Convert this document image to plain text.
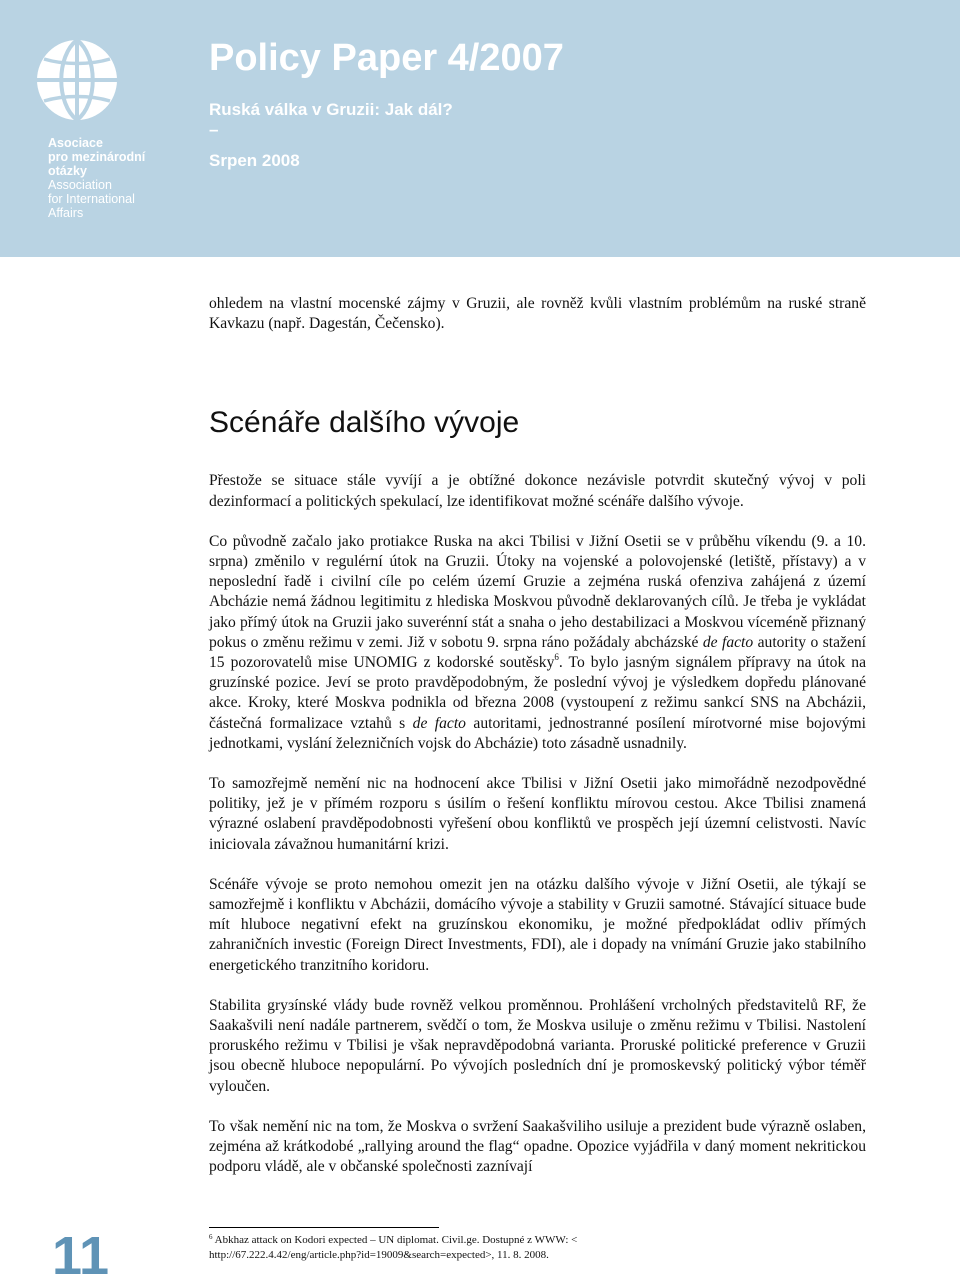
Asociace
pro mezinárodní
otázky
Association
for International
Affairs
Policy Paper 4/2007
Ruská válka v Gruzii: Jak dál?
–
Srpen 2008

ohledem na vlastní mocenské zájmy v Gruzii, ale rovněž kvůli vlastním problémům na ruské straně Kavkazu (např. Dagestán, Čečensko).

Scénáře dalšího vývoje

Přestože se situace stále vyvíjí a je obtížné dokonce nezávisle potvrdit skutečný vývoj v poli dezinformací a politických spekulací, lze identifikovat možné scénáře dalšího vývoje.

Co původně začalo jako protiakce Ruska na akci Tbilisi v Jižní Osetii se v průběhu víkendu (9. a 10. srpna) změnilo v regulérní útok na Gruzii. Útoky na vojenské a polovojenské (letiště, přístavy) a v neposlední řadě i civilní cíle po celém území Gruzie a zejména ruská ofenziva zahájená z území Abcházie nemá žádnou legitimitu z hlediska Moskvou původně deklarovaných cílů. Je třeba je vykládat jako přímý útok na Gruzii jako suverénní stát a snaha o jeho destabilizaci a Moskvou víceméně přiznaný pokus o změnu režimu v zemi. Již v sobotu 9. srpna ráno požádaly abcházské de facto autority o stažení 15 pozorovatelů mise UNOMIG z kodorské soutěsky$^6$. To bylo jasným signálem přípravy na útok na gruzínské pozice. Jeví se proto pravděpodobným, že poslední vývoj je výsledkem dopředu plánované akce. Kroky, které Moskva podnikla od března 2008 (vystoupení z režimu sankcí SNS na Abcházii, částečná formalizace vztahů s de facto autoritami, jednostranné posílení mírotvorné mise bojovými jednotkami, vyslání železničních vojsk do Abcházie) toto zásadně usnadnily.

To samozřejmě nemění nic na hodnocení akce Tbilisi v Jižní Osetii jako mimořádně nezodpovědné politiky, jež je v přímém rozporu s úsilím o řešení konfliktu mírovou cestou. Akce Tbilisi znamená výrazné oslabení pravděpodobnosti vyřešení obou konfliktů ve prospěch její územní celistvosti. Navíc iniciovala závažnou humanitární krizi.

Scénáře vývoje se proto nemohou omezit jen na otázku dalšího vývoje v Jižní Osetii, ale týkají se samozřejmě i konfliktu v Abcházii, domácího vývoje a stability v Gruzii samotné. Stávající situace bude mít hluboce negativní efekt na gruzínskou ekonomiku, je možné předpokládat odliv přímých zahraničních investic (Foreign Direct Investments, FDI), ale i dopady na vnímání Gruzie jako stabilního energetického tranzitního koridoru.

Stabilita grузínské vlády bude rovněž velkou proměnnou. Prohlášení vrcholných představitelů RF, že Saakašvili není nadále partnerem, svědčí o tom, že Moskva usiluje o změnu režimu v Tbilisi. Nastolení proruského režimu v Tbilisi je však nepravděpodobná varianta. Proruské politické preference v Gruzii jsou obecně hluboce nepopulární. Po vývojích posledních dní je promoskevský politický výbor téměř vyloučen.

To však nemění nic na tom, že Moskva o svržení Saakašviliho usiluje a prezident bude výrazně oslaben, zejména až krátkodobé „rallying around the flag“ opadne. Opozice vyjádřila v daný moment nekritickou podporu vládě, ale v občanské společnosti zaznívají

$^6$ Abkhaz attack on Kodori expected – UN diplomat. Civil.ge. Dostupné z WWW: <
http://67.222.4.42/eng/article.php?id=19009&search=expected>, 11. 8. 2008.
11
